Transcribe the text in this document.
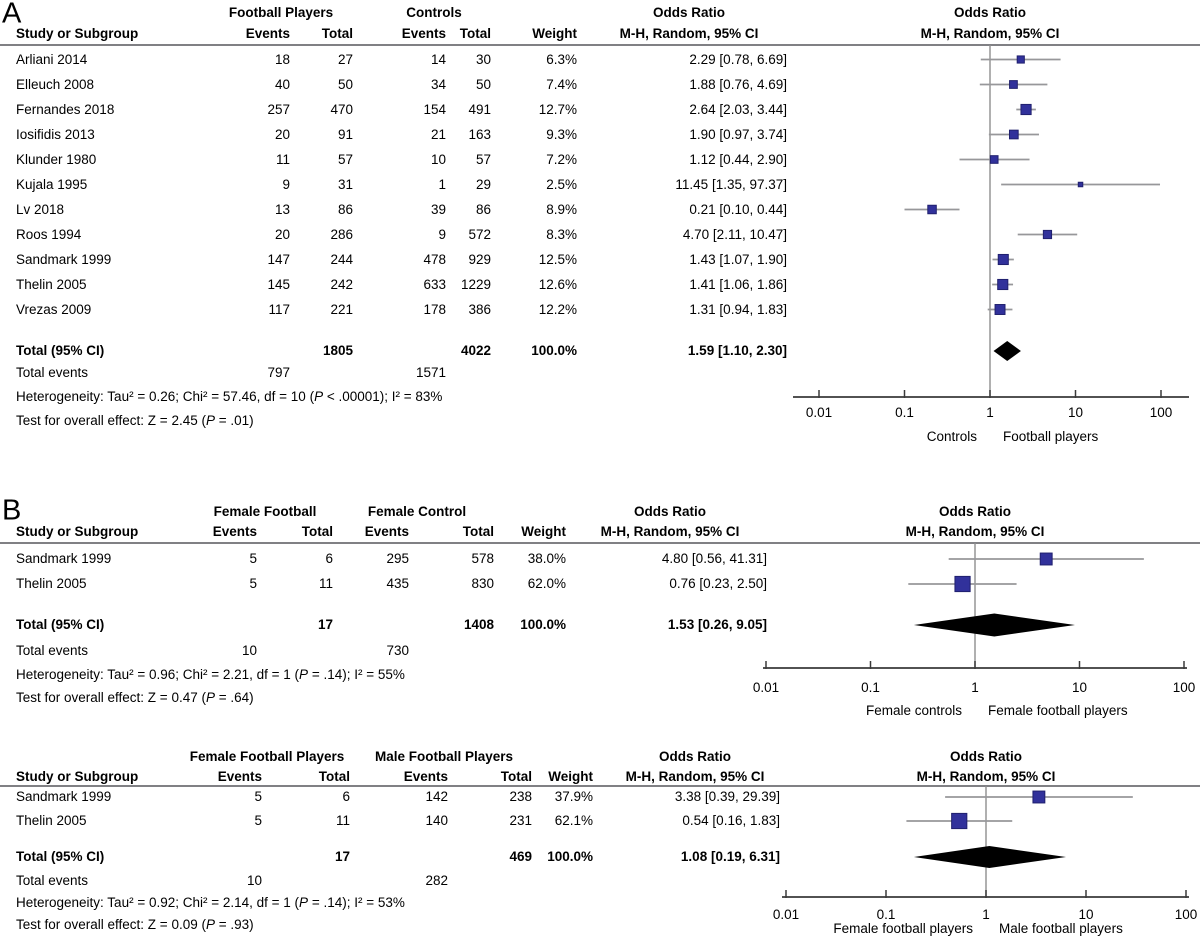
A	Football Players	Controls	Odds Ratio	Odds Ratio
Study or Subgroup	Events Total	Events Total	Weight	M-H, Random, 95% CI	M-H, Random, 95% CI
Arliani 2014	18	27	14 30	6.3%	2.29 [0.78, 6.69]
Elleuch 2008	40	50	34 50	7.4%	1.88 [0.76, 4.69]
Fernandes 2018	257	470	154 491	12.7%	2.64 [2.03, 3.44]
Iosifidis 2013	20	91	21 163	9.3%	1.90 [0.97, 3.74]
Klunder 1980	11	57	10 57	7.2%	1.12 [0.44, 2.90]
Kujala 1995	9	31	1 29	2.5%	11.45 [1.35, 97.37]
Lv 2018	13	86	39 86	8.9%	0.21 [0.10, 0.44]
Roos 1994	20	286	9 572	8.3%	4.70 [2.11, 10.47]
Sandmark 1999	147	244	478 929	12.5%	1.43 [1.07, 1.90]
Thelin 2005	145	242	633 1229	12.6%	1.41 [1.06, 1.86]
Vrezas 2009	117	221	178 386	12.2%	1.31 [0.94, 1.83]
Total (95% CI)	1805	4022	100.0%	1.59 [1.10, 2.30]
Total events	797	1571
Heterogeneity: Tau² = 0.26; Chi² = 57.46, df = 10 (P < .00001); I² = 83%
Test for overall effect: Z = 2.45 (P = .01)
0.01	0.1	1	10	100
Controls Football players
B	Female Football	Female Control	Odds Ratio	Odds Ratio
Study or Subgroup	Events	Total Events	Total Weight	M-H, Random, 95% CI	M-H, Random, 95% CI
Sandmark 1999	5	6	295	578 38.0%	4.80 [0.56, 41.31]
Thelin 2005	5	11	435	830 62.0%	0.76 [0.23, 2.50]
Total (95% CI)	17	1408 100.0%	1.53 [0.26, 9.05]
Total events	10	730
Heterogeneity: Tau² = 0.96; Chi² = 2.21, df = 1 (P = .14); I² = 55%
Test for overall effect: Z = 0.47 (P = .64)
0.01	0.1	1	10	100
Female controls Female football players
Female Football Players Male Football Players	Odds Ratio	Odds Ratio
Study or Subgroup	Events	Total	Events	Total Weight M-H, Random, 95% CI	M-H, Random, 95% CI
Sandmark 1999	5	6	142	238 37.9%	3.38 [0.39, 29.39]
Thelin 2005	5	11	140	231 62.1%	0.54 [0.16, 1.83]
Total (95% CI)	17	469 100.0%	1.08 [0.19, 6.31]
Total events	10	282
Heterogeneity: Tau² = 0.92; Chi² = 2.14, df = 1 (P = .14); I² = 53%
Test for overall effect: Z = 0.09 (P = .93)
0.01	0.1	1	10	100
Female football players Male football players
